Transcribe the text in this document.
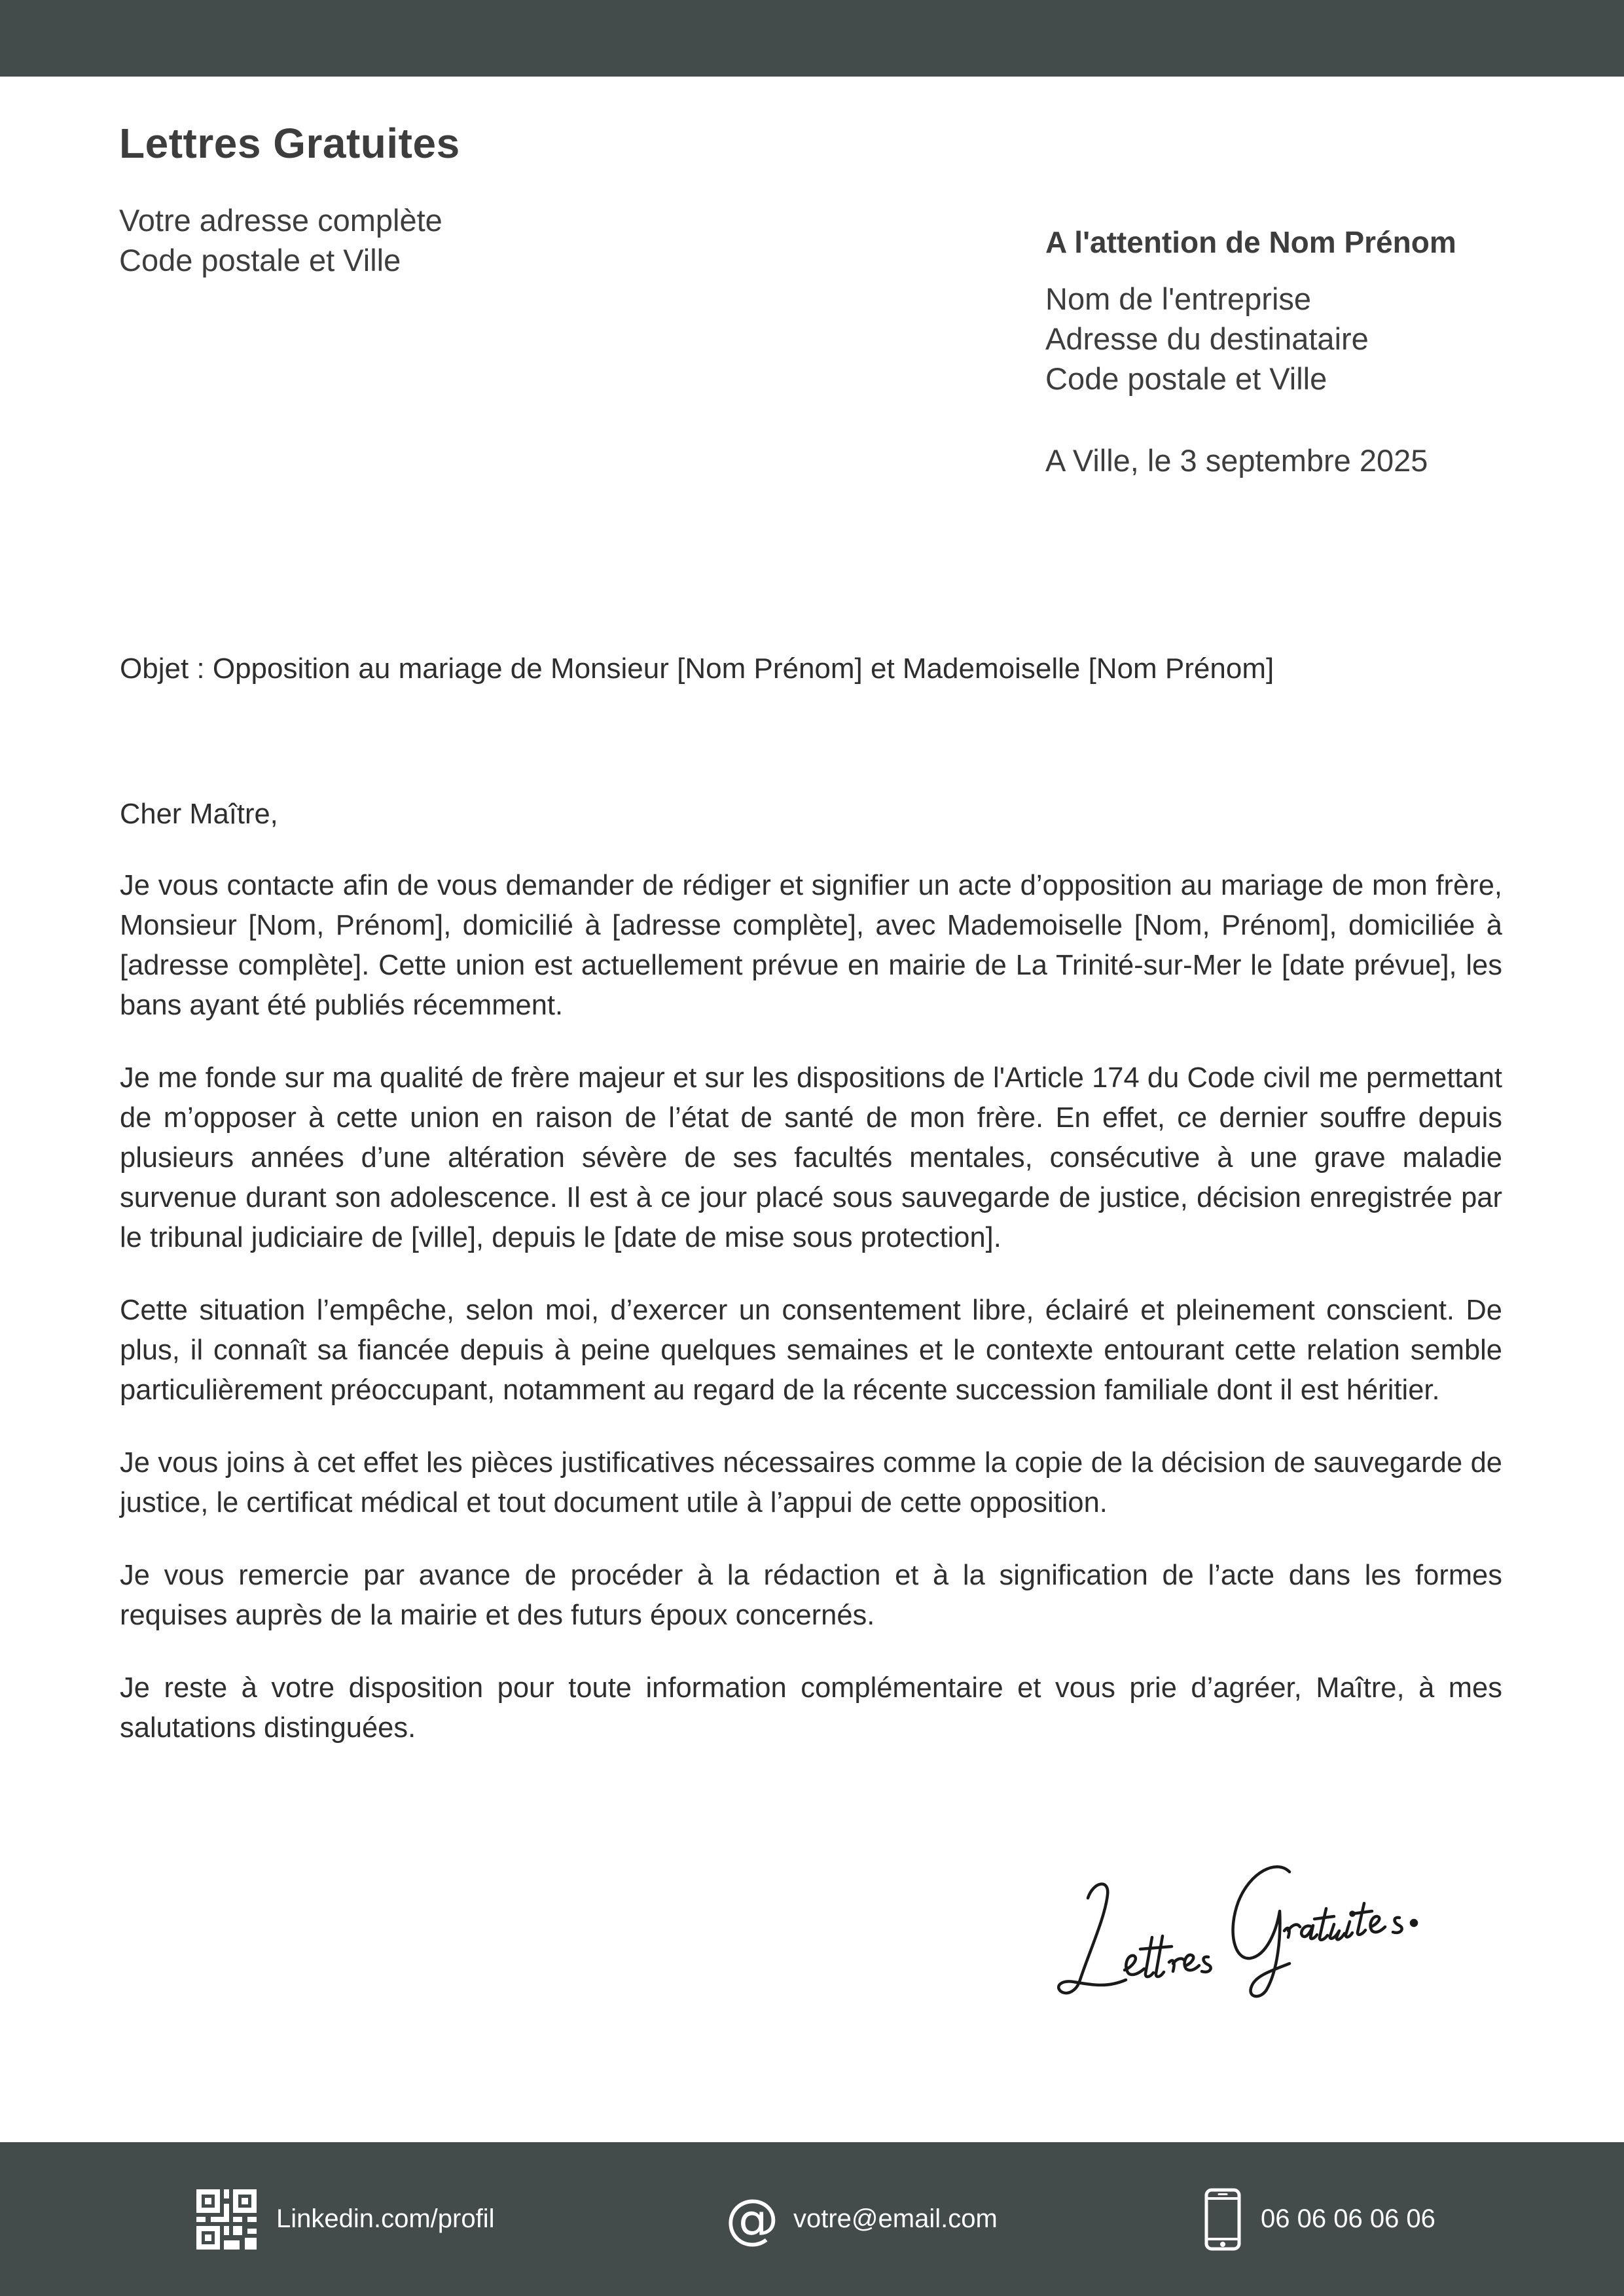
Lettres Gratuites
Votre adresse complète
Code postale et Ville
A l'attention de Nom Prénom
Nom de l'entreprise
Adresse du destinataire
Code postale et Ville
A Ville, le 3 septembre 2025
Objet : Opposition au mariage de Monsieur [Nom Prénom] et Mademoiselle [Nom Prénom]

Cher Maître,

Je vous contacte afin de vous demander de rédiger et signifier un acte d’opposition au mariage de mon frère, Monsieur [Nom, Prénom], domicilié à [adresse complète], avec Mademoiselle [Nom, Prénom], domiciliée à [adresse complète]. Cette union est actuellement prévue en mairie de La Trinité-sur-Mer le [date prévue], les bans ayant été publiés récemment.

Je me fonde sur ma qualité de frère majeur et sur les dispositions de l'Article 174 du Code civil me permettant de m’opposer à cette union en raison de l’état de santé de mon frère. En effet, ce dernier souffre depuis plusieurs années d’une altération sévère de ses facultés mentales, consécutive à une grave maladie survenue durant son adolescence. Il est à ce jour placé sous sauvegarde de justice, décision enregistrée par le tribunal judiciaire de [ville], depuis le [date de mise sous protection].

Cette situation l’empêche, selon moi, d’exercer un consentement libre, éclairé et pleinement conscient. De plus, il connaît sa fiancée depuis à peine quelques semaines et le contexte entourant cette relation semble particulièrement préoccupant, notamment au regard de la récente succession familiale dont il est héritier.

Je vous joins à cet effet les pièces justificatives nécessaires comme la copie de la décision de sauvegarde de justice, le certificat médical et tout document utile à l’appui de cette opposition.

Je vous remercie par avance de procéder à la rédaction et à la signification de l’acte dans les formes requises auprès de la mairie et des futurs époux concernés.

Je reste à votre disposition pour toute information complémentaire et vous prie d’agréer, Maître, à mes salutations distinguées.

Linkedin.com/profil	@ votre@email.com	06 06 06 06 06
